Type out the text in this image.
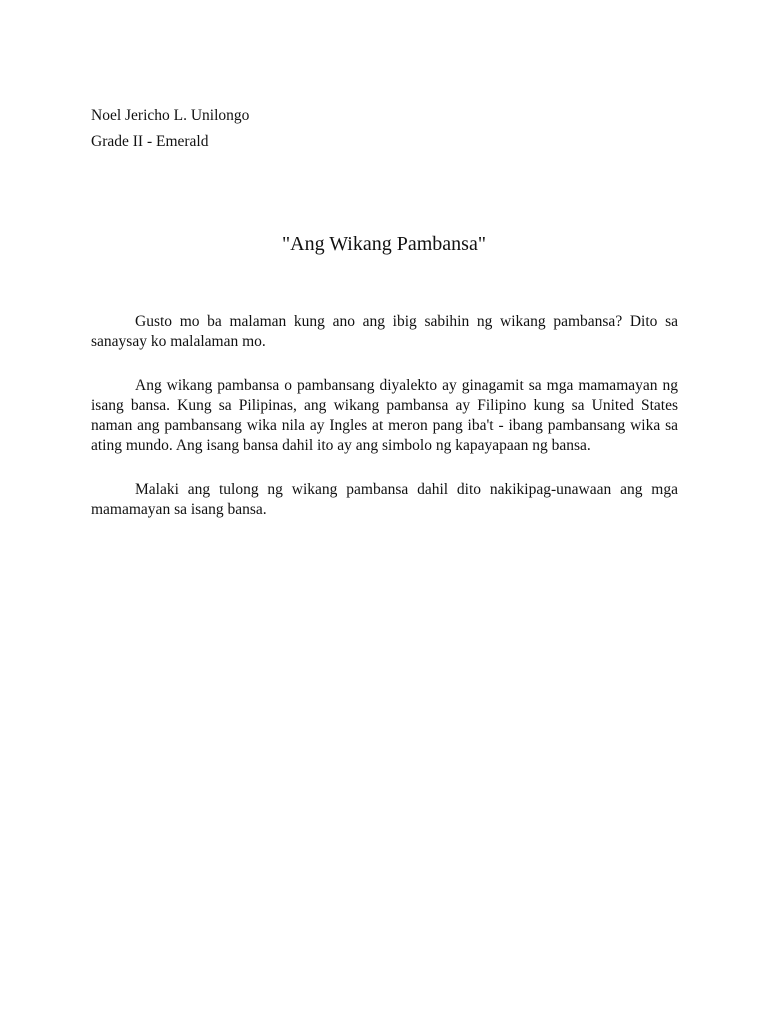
Noel Jericho L. Unilongo
Grade II - Emerald
"Ang Wikang Pambansa"

Gusto mo ba malaman kung ano ang ibig sabihin ng wikang pambansa? Dito sa sanaysay ko malalaman mo.

Ang wikang pambansa o pambansang diyalekto ay ginagamit sa mga mamamayan ng isang bansa. Kung sa Pilipinas, ang wikang pambansa ay Filipino kung sa United States naman ang pambansang wika nila ay Ingles at meron pang iba't - ibang pambansang wika sa ating mundo. Ang isang bansa dahil ito ay ang simbolo ng kapayapaan ng bansa.

Malaki ang tulong ng wikang pambansa dahil dito nakikipag-unawaan ang mga mamamayan sa isang bansa.
